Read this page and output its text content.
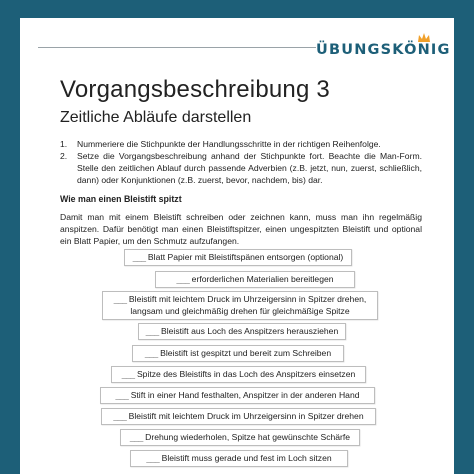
ÜBUNGSKÖNIG
Vorgangsbeschreibung 3
Zeitliche Abläufe darstellen
1. Nummeriere die Stichpunkte der Handlungsschritte in der richtigen Reihenfolge.
2. Setze die Vorgangsbeschreibung anhand der Stichpunkte fort. Beachte die Man-Form. Stelle den zeitlichen Ablauf durch passende Adverbien (z.B. jetzt, nun, zuerst, schließlich, dann) oder Konjunktionen (z.B. zuerst, bevor, nachdem, bis) dar.
Wie man einen Bleistift spitzt

Damit man mit einem Bleistift schreiben oder zeichnen kann, muss man ihn regelmäßig anspitzen. Dafür benötigt man einen Bleistiftspitzer, einen ungespitzten Bleistift und optional ein Blatt Papier, um den Schmutz aufzufangen.

___ Blatt Papier mit Bleistiftspänen entsorgen (optional)
___ erforderlichen Materialien bereitlegen
___ Bleistift mit leichtem Druck im Uhrzeigersinn in Spitzer drehen, langsam und gleichmäßig drehen für gleichmäßige Spitze
___ Bleistift aus Loch des Anspitzers herausziehen
___ Bleistift ist gespitzt und bereit zum Schreiben
___ Spitze des Bleistifts in das Loch des Anspitzers einsetzen
___ Stift in einer Hand festhalten, Anspitzer in der anderen Hand
___ Bleistift mit leichtem Druck im Uhrzeigersinn in Spitzer drehen
___ Drehung wiederholen, Spitze hat gewünschte Schärfe
___ Bleistift muss gerade und fest im Loch sitzen
